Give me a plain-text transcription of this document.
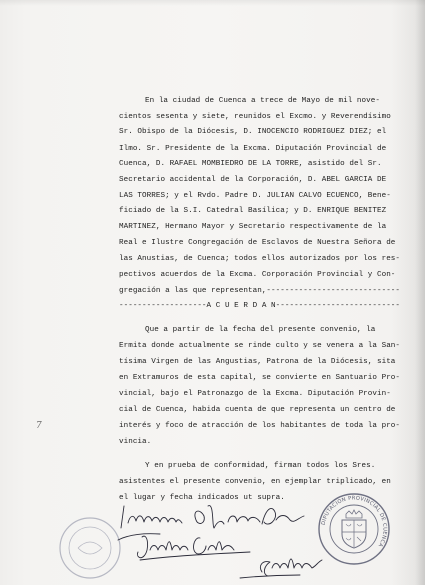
En la ciudad de Cuenca a trece de Mayo de mil nove-
cientos sesenta y siete, reunidos el Excmo. y Reverendísimo
Sr. Obispo de la Diócesis, D. INOCENCIO RODRIGUEZ DIEZ; el
Ilmo. Sr. Presidente de la Excma. Diputación Provincial de
Cuenca, D. RAFAEL MOMBIEDRO DE LA TORRE, asistido del Sr.
Secretario accidental de la Corporación, D. ABEL GARCIA DE
LAS TORRES; y el Rvdo. Padre D. JULIAN CALVO ECUENCO, Bene-
ficiado de la S.I. Catedral Basílica; y D. ENRIQUE BENITEZ
MARTINEZ, Hermano Mayor y Secretario respectivamente de la
Real e Ilustre Congregación de Esclavos de Nuestra Señora de
las Anustias, de Cuenca; todos ellos autorizados por los res-
pectivos acuerdos de la Excma. Corporación Provincial y Con-
gregación a las que representan,-----------------------------
-------------------A C U E R D A N---------------------------
Que a partir de la fecha del presente convenio, la
Ermita donde actualmente se rinde culto y se venera a la San-
tísima Virgen de las Angustias, Patrona de la Diócesis, sita
en Extramuros de esta capital, se convierte en Santuario Pro-
vincial, bajo el Patronazgo de la Excma. Diputación Provin-
cial de Cuenca, habida cuenta de que representa un centro de
interés y foco de atracción de los habitantes de toda la pro-
vincia.
Y en prueba de conformidad, firman todos los Sres.
asistentes el presente convenio, en ejemplar triplicado, en
el lugar y fecha indicados ut supra.
7
DIPUTACION PROVINCIAL DE CUENCA
